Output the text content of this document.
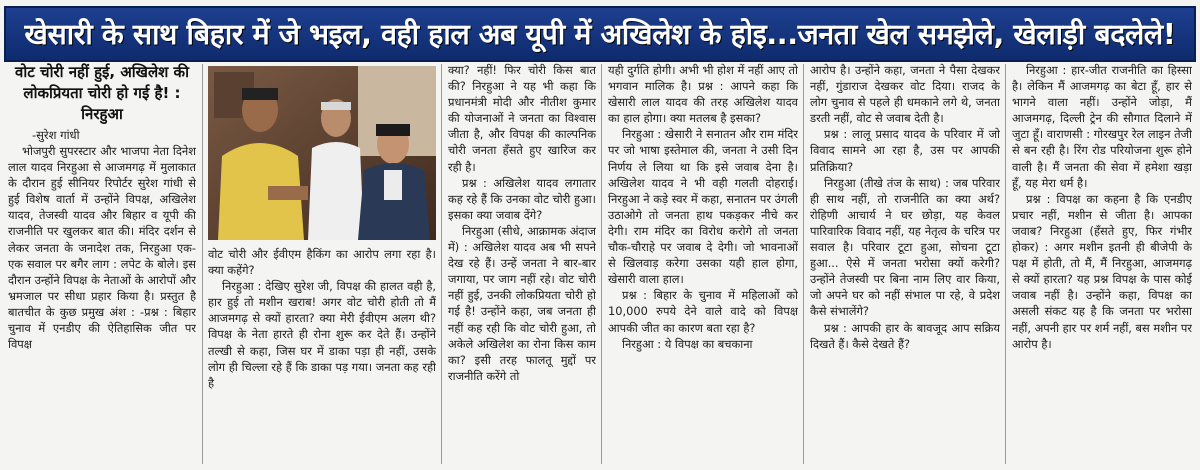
खेसारी के साथ बिहार में जे भइल, वही हाल अब यूपी में अखिलेश के होइ...जनता खेल समझेले, खेलाड़ी बदलेले!
वोट चोरी नहीं हुई, अखिलेश की लोकप्रियता चोरी हो गई है! : निरहुआ
-सुरेश गांधी
भोजपुरी सुपरस्टार और भाजपा नेता दिनेश लाल यादव निरहुआ से आजमगढ़ में मुलाकात के दौरान हुई सीनियर रिपोर्टर सुरेश गांधी से हुई विशेष वार्ता में उन्होंने विपक्ष, अखिलेश यादव, तेजस्वी यादव और बिहार व यूपी की राजनीति पर खुलकर बात की। मंदिर दर्शन से लेकर जनता के जनादेश तक, निरहुआ एक-एक सवाल पर बगैर लाग : लपेट के बोले। इस दौरान उन्होंने विपक्ष के नेताओं के आरोपों और भ्रमजाल पर सीधा प्रहार किया है। प्रस्तुत है बातचीत के कुछ प्रमुख अंश : -प्रश्न : बिहार चुनाव में एनडीए की ऐतिहासिक जीत पर विपक्ष
वोट चोरी और ईवीएम हैकिंग का आरोप लगा रहा है। क्या कहेंगे?
निरहुआ : देखिए सुरेश जी, विपक्ष की हालत वही है, हार हुई तो मशीन खराब! अगर वोट चोरी होती तो मैं आजमगढ़ से क्यों हारता? क्या मेरी ईवीएम अलग थी? विपक्ष के नेता हारते ही रोना शुरू कर देते हैं। उन्होंने तल्खी से कहा, जिस घर में डाका पड़ा ही नहीं, उसके लोग ही चिल्ला रहे हैं कि डाका पड़ गया। जनता कह रही है
क्या? नहीं! फिर चोरी किस बात की? निरहुआ ने यह भी कहा कि प्रधानमंत्री मोदी और नीतीश कुमार की योजनाओं ने जनता का विश्वास जीता है, और विपक्ष की काल्पनिक चोरी जनता हँसते हुए खारिज कर रही है।
प्रश्न : अखिलेश यादव लगातार कह रहे हैं कि उनका वोट चोरी हुआ। इसका क्या जवाब देंगे?
निरहुआ (सीधे, आक्रामक अंदाज में) : अखिलेश यादव अब भी सपने देख रहे हैं। उन्हें जनता ने बार-बार जगाया, पर जाग नहीं रहे। वोट चोरी नहीं हुई, उनकी लोकप्रियता चोरी हो गई है! उन्होंने कहा, जब जनता ही नहीं कह रही कि वोट चोरी हुआ, तो अकेले अखिलेश का रोना किस काम का? इसी तरह फालतू मुद्दों पर राजनीति करेंगे तो
यही दुर्गति होगी। अभी भी होश में नहीं आए तो भगवान मालिक है। प्रश्न : आपने कहा कि खेसारी लाल यादव की तरह अखिलेश यादव का हाल होगा। क्या मतलब है इसका?
निरहुआ : खेसारी ने सनातन और राम मंदिर पर जो भाषा इस्तेमाल की, जनता ने उसी दिन निर्णय ले लिया था कि इसे जवाब देना है। अखिलेश यादव ने भी वही गलती दोहराई। निरहुआ ने कड़े स्वर में कहा, सनातन पर उंगली उठाओगे तो जनता हाथ पकड़कर नीचे कर देगी। राम मंदिर का विरोध करोगे तो जनता चौक-चौराहे पर जवाब दे देगी। जो भावनाओं से खिलवाड़ करेगा उसका यही हाल होगा, खेसारी वाला हाल।
प्रश्न : बिहार के चुनाव में महिलाओं को 10,000 रुपये देने वाले वादे को विपक्ष आपकी जीत का कारण बता रहा है?
निरहुआ : ये विपक्ष का बचकाना
आरोप है। उन्होंने कहा, जनता ने पैसा देखकर नहीं, गुंडाराज देखकर वोट दिया। राजद के लोग चुनाव से पहले ही धमकाने लगे थे, जनता डरती नहीं, वोट से जवाब देती है।
प्रश्न : लालू प्रसाद यादव के परिवार में जो विवाद सामने आ रहा है, उस पर आपकी प्रतिक्रिया?
निरहुआ (तीखे तंज के साथ) : जब परिवार ही साथ नहीं, तो राजनीति का क्या अर्थ? रोहिणी आचार्य ने घर छोड़ा, यह केवल पारिवारिक विवाद नहीं, यह नेतृत्व के चरित्र पर सवाल है। परिवार टूटा हुआ, सोचना टूटा हुआ... ऐसे में जनता भरोसा क्यों करेगी? उन्होंने तेजस्वी पर बिना नाम लिए वार किया, जो अपने घर को नहीं संभाल पा रहे, वे प्रदेश कैसे संभालेंगे?
प्रश्न : आपकी हार के बावजूद आप सक्रिय दिखते हैं। कैसे देखते हैं?
निरहुआ : हार-जीत राजनीति का हिस्सा है। लेकिन मैं आजमगढ़ का बेटा हूँ, हार से भागने वाला नहीं। उन्होंने जोड़ा, मैं आजमगढ़, दिल्ली ट्रेन की सौगात दिलाने में जुटा हूँ। वाराणसी : गोरखपुर रेल लाइन तेजी से बन रही है। रिंग रोड परियोजना शुरू होने वाली है। मैं जनता की सेवा में हमेशा खड़ा हूँ, यह मेरा धर्म है।
प्रश्न : विपक्ष का कहना है कि एनडीए प्रचार नहीं, मशीन से जीता है। आपका जवाब? निरहुआ (हँसते हुए, फिर गंभीर होकर) : अगर मशीन इतनी ही बीजेपी के पक्ष में होती, तो मैं, मैं निरहुआ, आजमगढ़ से क्यों हारता? यह प्रश्न विपक्ष के पास कोई जवाब नहीं है। उन्होंने कहा, विपक्ष का असली संकट यह है कि जनता पर भरोसा नहीं, अपनी हार पर शर्म नहीं, बस मशीन पर आरोप है।
